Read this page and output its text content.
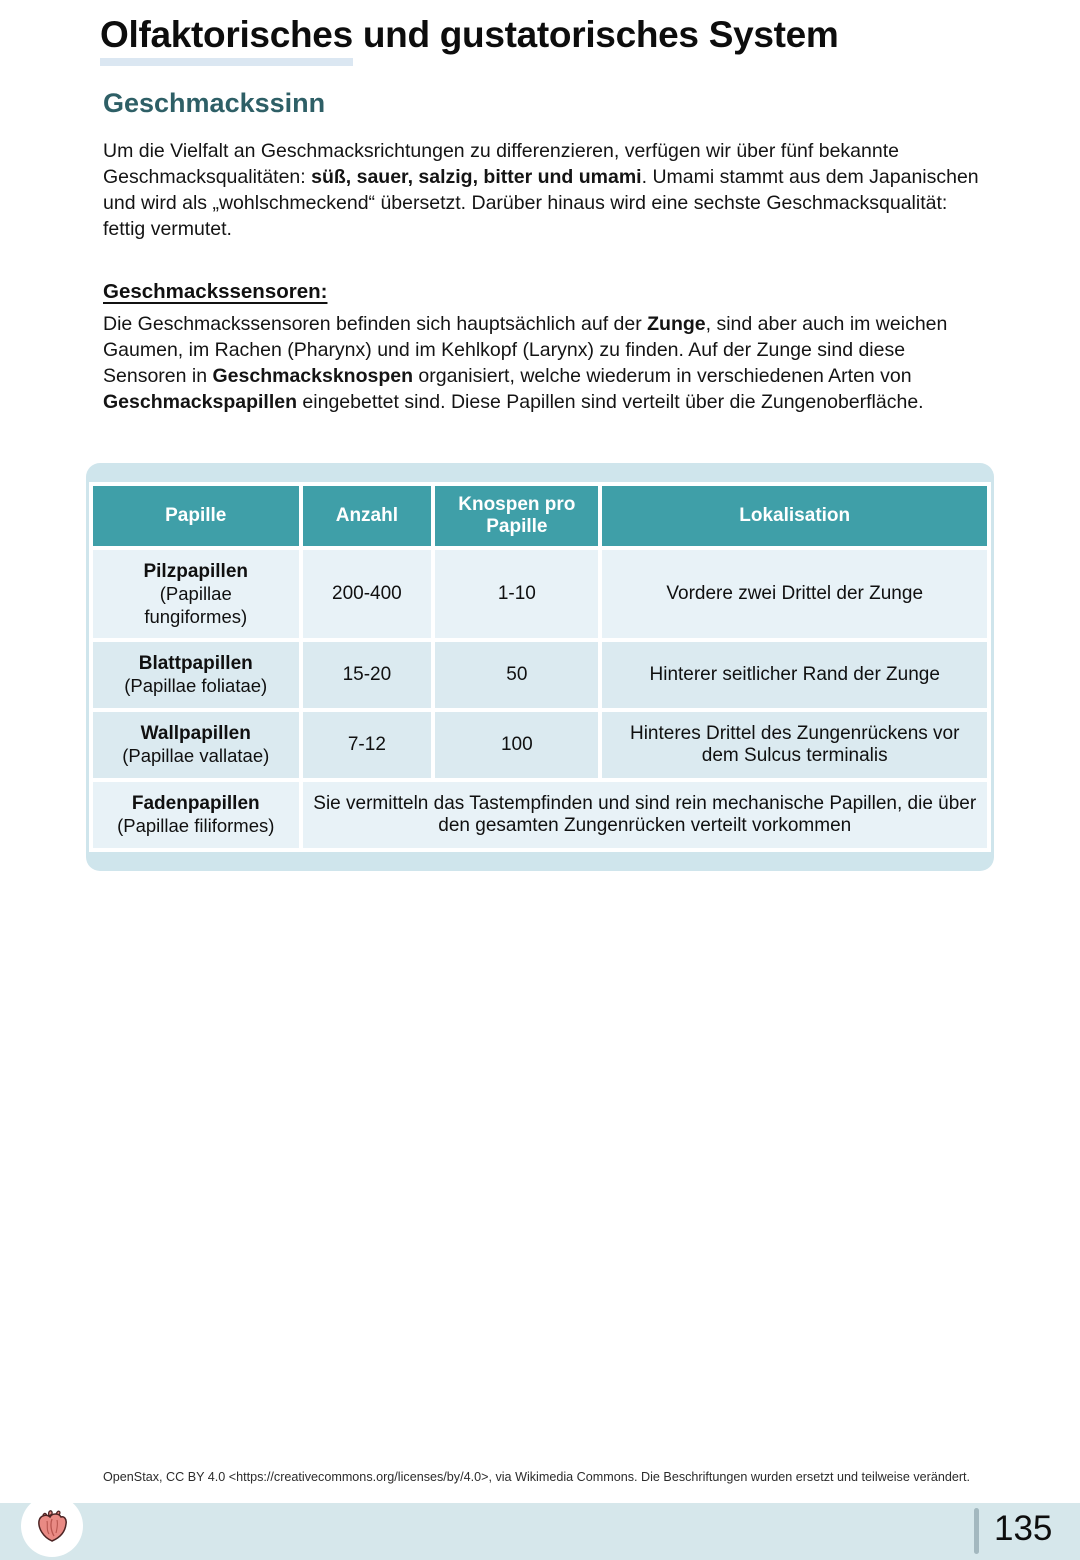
Olfaktorisches und gustatorisches System
Geschmackssinn

Um die Vielfalt an Geschmacksrichtungen zu differenzieren, verfügen wir über fünf bekannte Geschmacksqualitäten: süß, sauer, salzig, bitter und umami. Umami stammt aus dem Japanischen und wird als „wohlschmeckend“ übersetzt. Darüber hinaus wird eine sechste Geschmacksqualität: fettig vermutet.

Geschmackssensoren:

Die Geschmackssensoren befinden sich hauptsächlich auf der Zunge, sind aber auch im weichen Gaumen, im Rachen (Pharynx) und im Kehlkopf (Larynx) zu finden. Auf der Zunge sind diese Sensoren in Geschmacksknospen organisiert, welche wiederum in verschiedenen Arten von Geschmackspapillen eingebettet sind. Diese Papillen sind verteilt über die Zungenoberfläche.

Papille	Anzahl	Knospen pro Papille	Lokalisation
Pilzpapillen
(Papillae fungiformes)	200-400	1-10	Vordere zwei Drittel der Zunge
Blattpapillen
(Papillae foliatae)	15-20	50	Hinterer seitlicher Rand der Zunge
Wallpapillen
(Papillae vallatae)	7-12	100	Hinteres Drittel des Zungenrückens vor dem Sulcus terminalis
Fadenpapillen
(Papillae filiformes)	Sie vermitteln das Tastempfinden und sind rein mechanische Papillen, die über den gesamten Zungenrücken verteilt vorkommen		
Geschmacksknospen
Wallpapillen
(Papilla vallata)
Pilzpapille
(Papilla fungiformis)
Fadenpapille
(Papilla filiformes)
Blattpapille
(Papilla foliata)
Geschmacksknospen
OpenStax, CC BY 4.0 <https://creativecommons.org/licenses/by/4.0>, via Wikimedia Commons. Die Beschriftungen wurden ersetzt und teilweise verändert.
135
